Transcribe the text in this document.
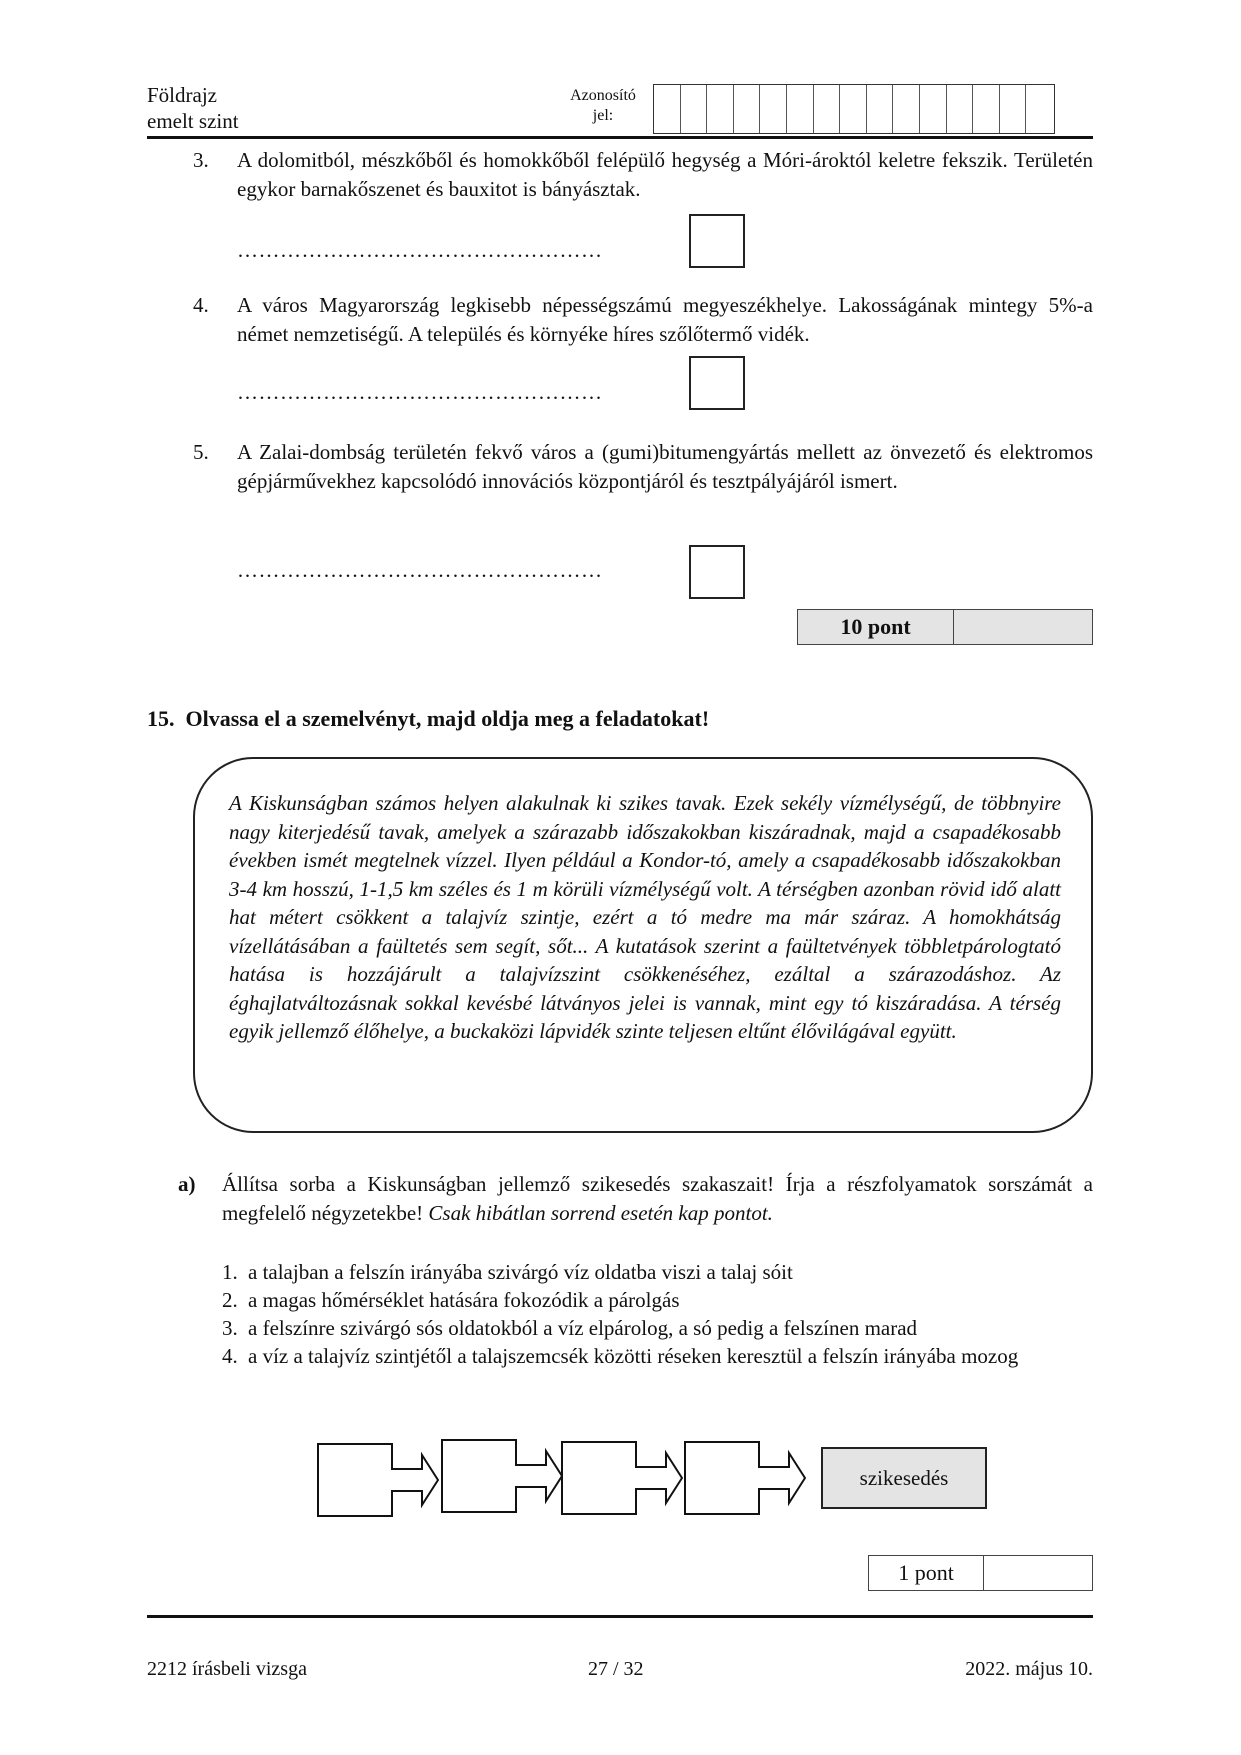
Földrajz
emelt szint
Azonosító
jel:
3. A dolomitból, mészkőből és homokkőből felépülő hegység a Móri-ároktól keletre fekszik. Területén egykor barnakőszenet és bauxitot is bányásztak.
……………………………………………
4. A város Magyarország legkisebb népességszámú megyeszékhelye. Lakosságának mintegy 5%-a német nemzetiségű. A település és környéke híres szőlőtermő vidék.
……………………………………………
5. A Zalai-dombság területén fekvő város a (gumi)bitumengyártás mellett az önvezető és elektromos gépjárművekhez kapcsolódó innovációs központjáról és tesztpályájáról ismert.
……………………………………………
10 pont
15.  Olvassa el a szemelvényt, majd oldja meg a feladatokat!
A Kiskunságban számos helyen alakulnak ki szikes tavak. Ezek sekély vízmélységű, de többnyire nagy kiterjedésű tavak, amelyek a szárazabb időszakokban kiszáradnak, majd a csapadékosabb években ismét megtelnek vízzel. Ilyen például a Kondor-tó, amely a csapadékosabb időszakokban 3-4 km hosszú, 1-1,5 km széles és 1 m körüli vízmélységű volt. A térségben azonban rövid idő alatt hat métert csökkent a talajvíz szintje, ezért a tó medre ma már száraz. A homokhátság vízellátásában a faültetés sem segít, sőt... A kutatások szerint a faültetvények többletpárologtató hatása is hozzájárult a talajvízszint csökkenéséhez, ezáltal a szárazodáshoz. Az éghajlatváltozásnak sokkal kevésbé látványos jelei is vannak, mint egy tó kiszáradása. A térség egyik jellemző élőhelye, a buckaközi lápvidék szinte teljesen eltűnt élővilágával együtt.
a) Állítsa sorba a Kiskunságban jellemző szikesedés szakaszait! Írja a részfolyamatok sorszámát a megfelelő négyzetekbe! Csak hibátlan sorrend esetén kap pontot.
1. a talajban a felszín irányába szivárgó víz oldatba viszi a talaj sóit
2. a magas hőmérséklet hatására fokozódik a párolgás
3. a felszínre szivárgó sós oldatokból a víz elpárolog, a só pedig a felszínen marad
4. a víz a talajvíz szintjétől a talajszemcsék közötti réseken keresztül a felszín irányába mozog
szikesedés
1 pont
2212 írásbeli vizsga	27 / 32	2022. május 10.
